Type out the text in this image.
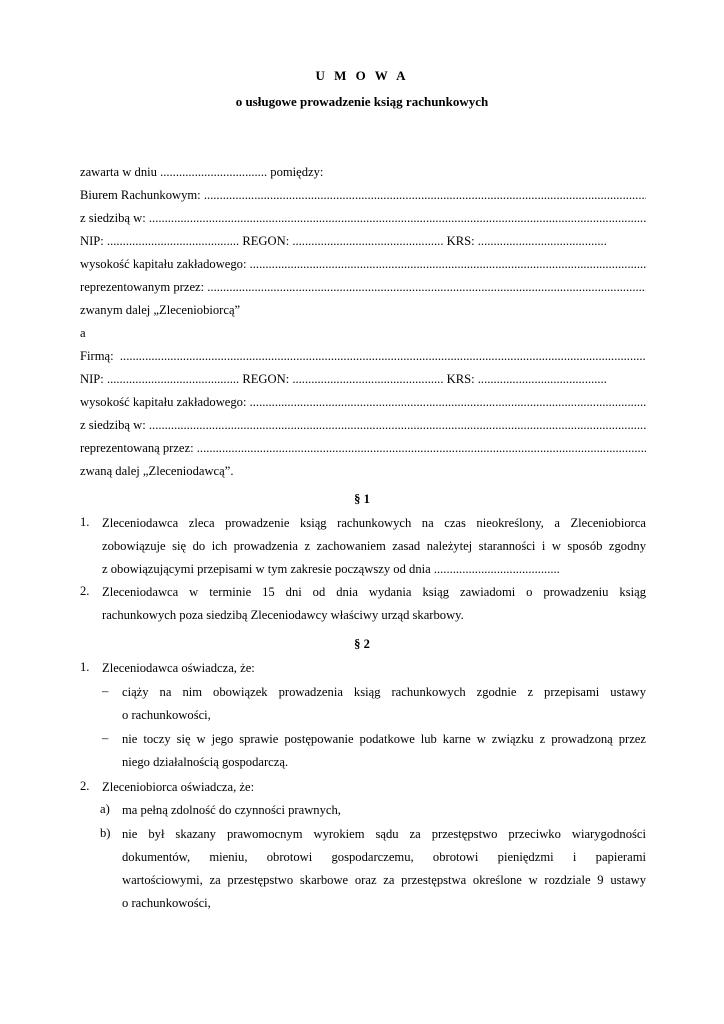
U M O W A
o usługowe prowadzenie ksiąg rachunkowych
zawarta w dniu .................................. pomiędzy:
Biurem Rachunkowym:
.....
z siedzibą w:
.....
NIP: .......................................... REGON: ................................................ KRS: .........................................
wysokość kapitału zakładowego:
.....
reprezentowanym przez:
.....
zwanym dalej „Zleceniobiorcą”
a
Firmą:
.....
NIP: .......................................... REGON: ................................................ KRS: .........................................
wysokość kapitału zakładowego:
.....
z siedzibą w:
.....
reprezentowaną przez:
.....
zwaną dalej „Zleceniodawcą”.
§ 1
1. Zleceniodawca zleca prowadzenie ksiąg rachunkowych na czas nieokreślony, a Zleceniobiorca
zobowiązuje się do ich prowadzenia z zachowaniem zasad należytej staranności i w sposób zgodny
z obowiązującymi przepisami w tym zakresie począwszy od dnia ........................................
2. Zleceniodawca w terminie 15 dni od dnia wydania ksiąg zawiadomi o prowadzeniu ksiąg
rachunkowych poza siedzibą Zleceniodawcy właściwy urząd skarbowy.
§ 2
1. Zleceniodawca oświadcza, że:
– ciąży na nim obowiązek prowadzenia ksiąg rachunkowych zgodnie z przepisami ustawy
o rachunkowości,
– nie toczy się w jego sprawie postępowanie podatkowe lub karne w związku z prowadzoną przez
niego działalnością gospodarczą.
2. Zleceniobiorca oświadcza, że:
a) ma pełną zdolność do czynności prawnych,
b) nie był skazany prawomocnym wyrokiem sądu za przestępstwo przeciwko wiarygodności
dokumentów, mieniu, obrotowi gospodarczemu, obrotowi pieniędzmi i papierami
wartościowymi, za przestępstwo skarbowe oraz za przestępstwa określone w rozdziale 9 ustawy
o rachunkowości,
